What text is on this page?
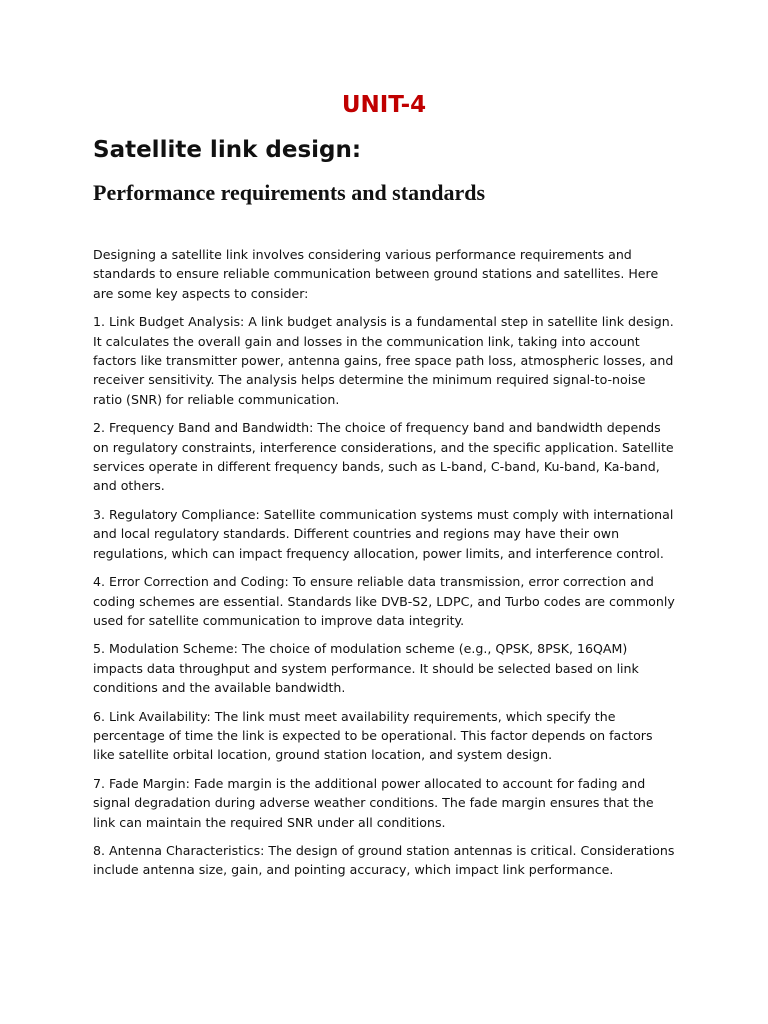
UNIT-4
Satellite link design:
Performance requirements and standards

Designing a satellite link involves considering various performance requirements and standards to ensure reliable communication between ground stations and satellites. Here are some key aspects to consider:

1. Link Budget Analysis: A link budget analysis is a fundamental step in satellite link design. It calculates the overall gain and losses in the communication link, taking into account factors like transmitter power, antenna gains, free space path loss, atmospheric losses, and receiver sensitivity. The analysis helps determine the minimum required signal-to-noise ratio (SNR) for reliable communication.

2. Frequency Band and Bandwidth: The choice of frequency band and bandwidth depends on regulatory constraints, interference considerations, and the specific application. Satellite services operate in different frequency bands, such as L-band, C-band, Ku-band, Ka-band, and others.

3. Regulatory Compliance: Satellite communication systems must comply with international and local regulatory standards. Different countries and regions may have their own regulations, which can impact frequency allocation, power limits, and interference control.

4. Error Correction and Coding: To ensure reliable data transmission, error correction and coding schemes are essential. Standards like DVB-S2, LDPC, and Turbo codes are commonly used for satellite communication to improve data integrity.

5. Modulation Scheme: The choice of modulation scheme (e.g., QPSK, 8PSK, 16QAM) impacts data throughput and system performance. It should be selected based on link conditions and the available bandwidth.

6. Link Availability: The link must meet availability requirements, which specify the percentage of time the link is expected to be operational. This factor depends on factors like satellite orbital location, ground station location, and system design.

7. Fade Margin: Fade margin is the additional power allocated to account for fading and signal degradation during adverse weather conditions. The fade margin ensures that the link can maintain the required SNR under all conditions.

8. Antenna Characteristics: The design of ground station antennas is critical. Considerations include antenna size, gain, and pointing accuracy, which impact link performance.
